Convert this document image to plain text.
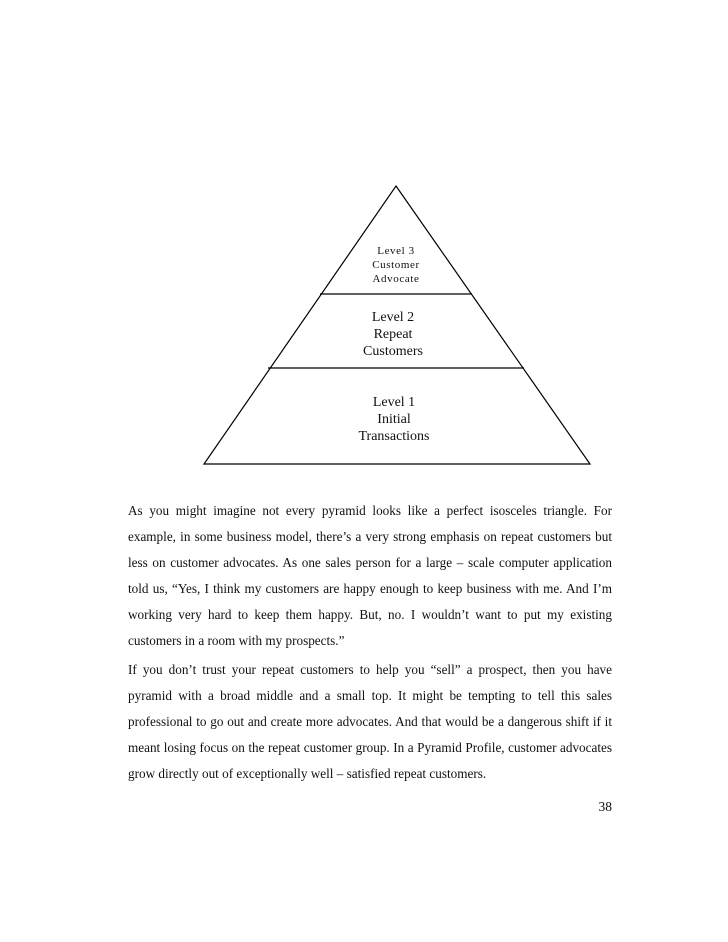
Level 3
Customer
Advocate
Level 2
Repeat
Customers
Level 1
Initial
Transactions

As you might imagine not every pyramid looks like a perfect isosceles triangle. For example, in some business model, there’s a very strong emphasis on repeat customers but less on customer advocates. As one sales person for a large – scale computer application told us, “Yes, I think my customers are happy enough to keep business with me. And I’m working very hard to keep them happy. But, no. I wouldn’t want to put my existing customers in a room with my prospects.”

If you don’t trust your repeat customers to help you “sell” a prospect, then you have pyramid with a broad middle and a small top. It might be tempting to tell this sales professional to go out and create more advocates. And that would be a dangerous shift if it meant losing focus on the repeat customer group. In a Pyramid Profile, customer advocates grow directly out of exceptionally well – satisfied repeat customers.

38
